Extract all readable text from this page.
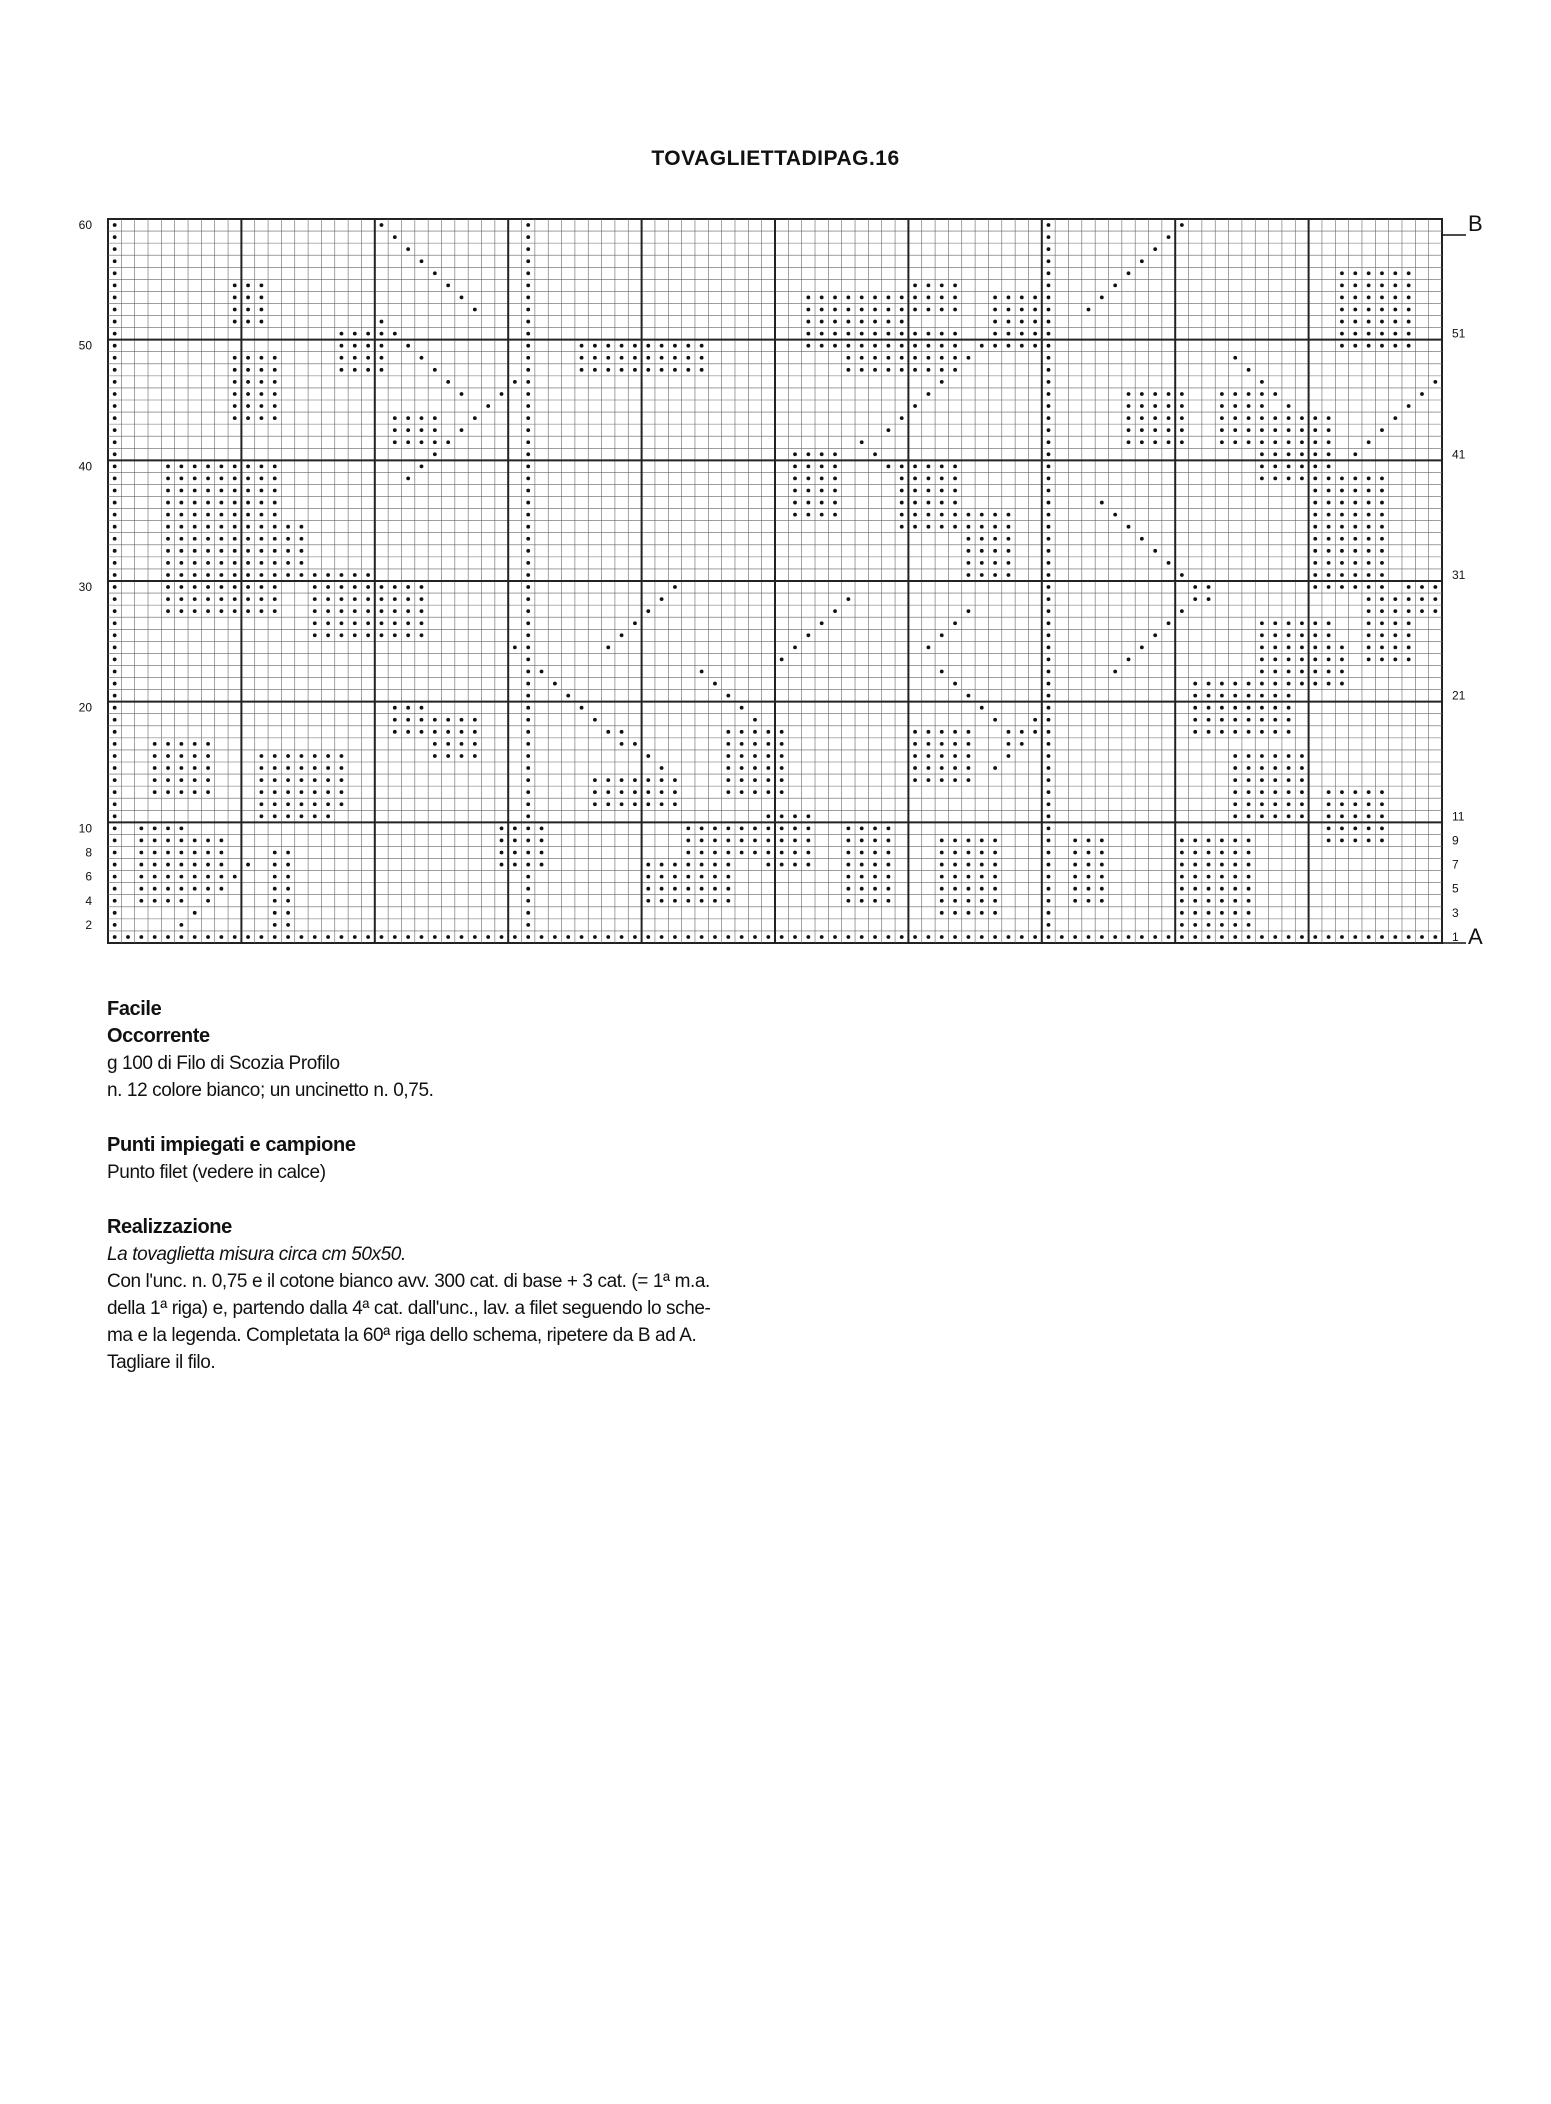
TOVAGLIETTADIPAG.16
60
50
40
30
20
10
8
6
4
2
51
41
31
21
11
9
7
5
3
1
B
A

Facile

Occorrente

g 100 di Filo di Scozia Profilo

n. 12 colore bianco; un uncinetto n. 0,75.

Punti impiegati e campione

Punto filet (vedere in calce)

Realizzazione

La tovaglietta misura circa cm 50x50.

Con l'unc. n. 0,75 e il cotone bianco avv. 300 cat. di base + 3 cat. (= 1ª m.a.

della 1ª riga) e, partendo dalla 4ª cat. dall'unc., lav. a filet seguendo lo sche-

ma e la legenda. Completata la 60ª riga dello schema, ripetere da B ad A.

Tagliare il filo.
